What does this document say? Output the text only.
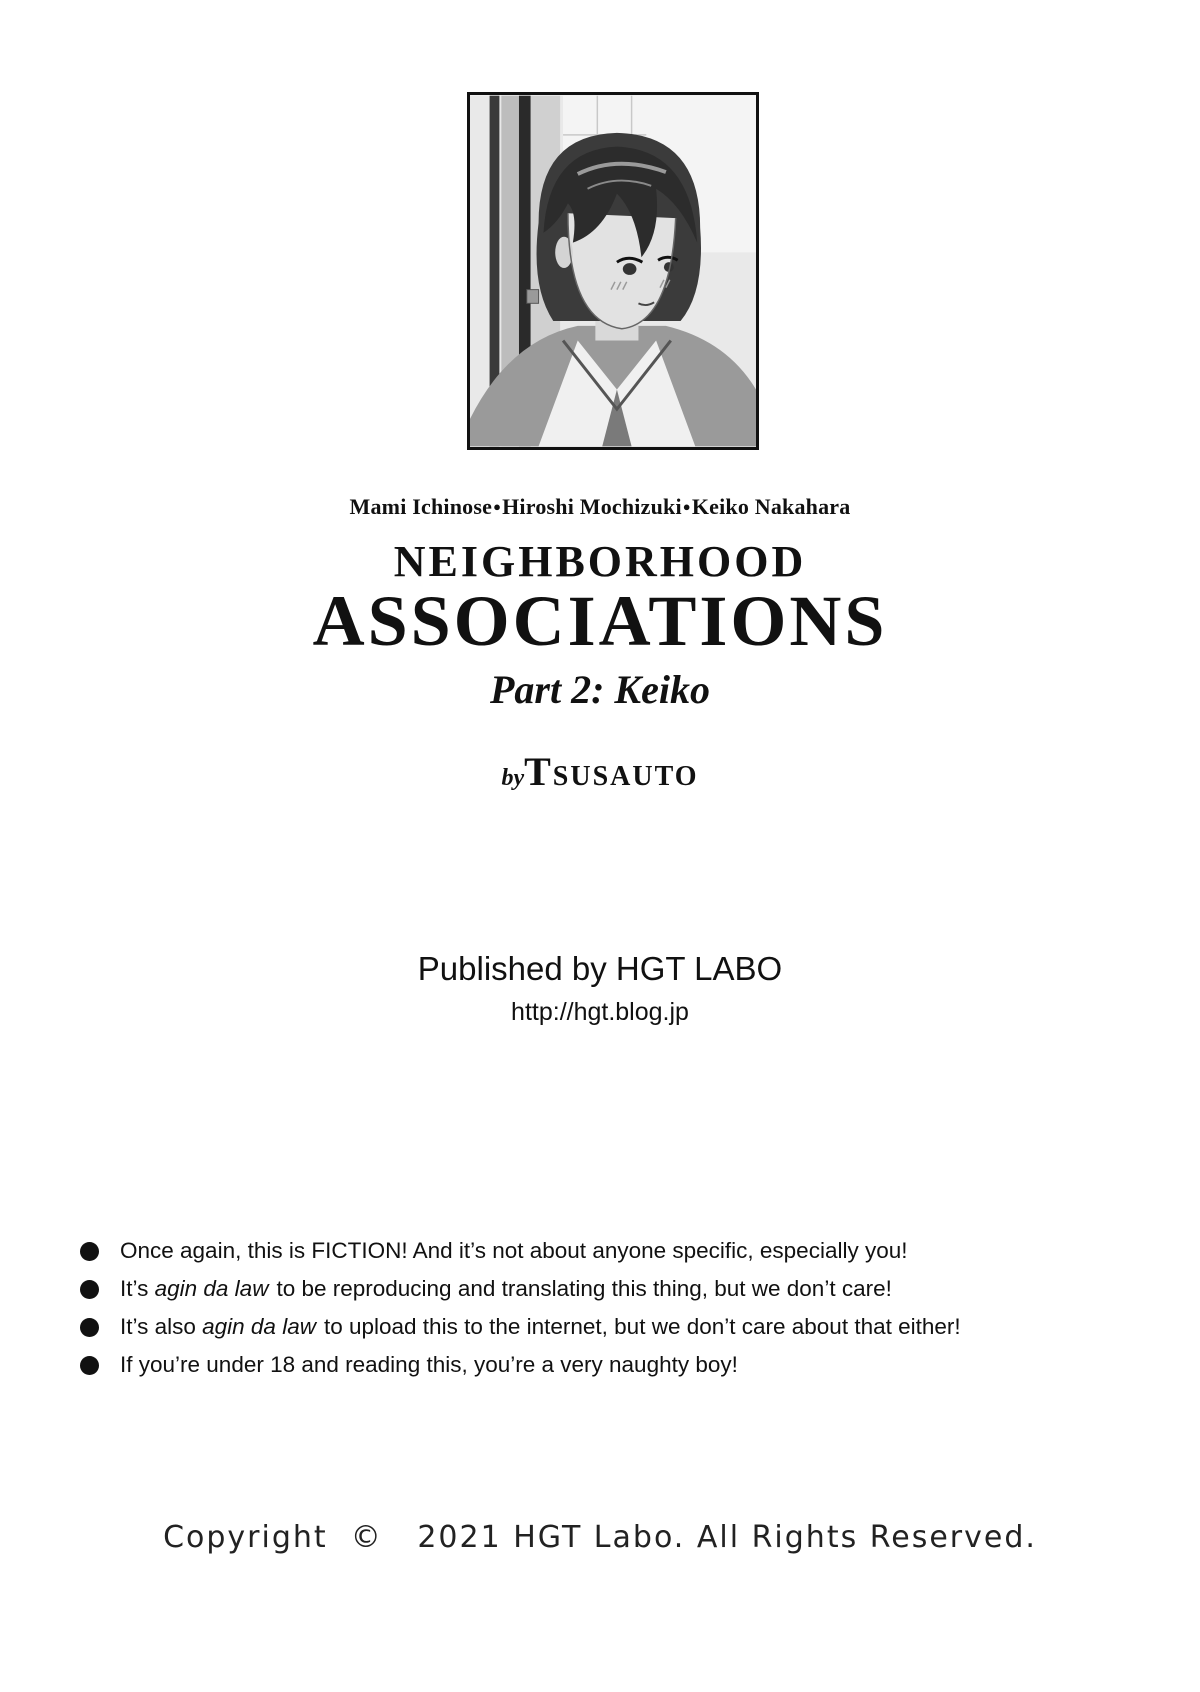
Mami Ichinose●Hiroshi Mochizuki●Keiko Nakahara
NEIGHBORHOOD
ASSOCIATIONS
Part 2: Keiko
byTsusauto
Published by HGT LABO
http://hgt.blog.jp
Once again, this is FICTION! And it’s not about anyone specific, especially you!
It’s agin da law to be reproducing and translating this thing, but we don’t care!
It’s also agin da law to upload this to the internet, but we don’t care about that either!
If you’re under 18 and reading this, you’re a very naughty boy!
Copyright  ©   2021 HGT Labo. All Rights Reserved.
